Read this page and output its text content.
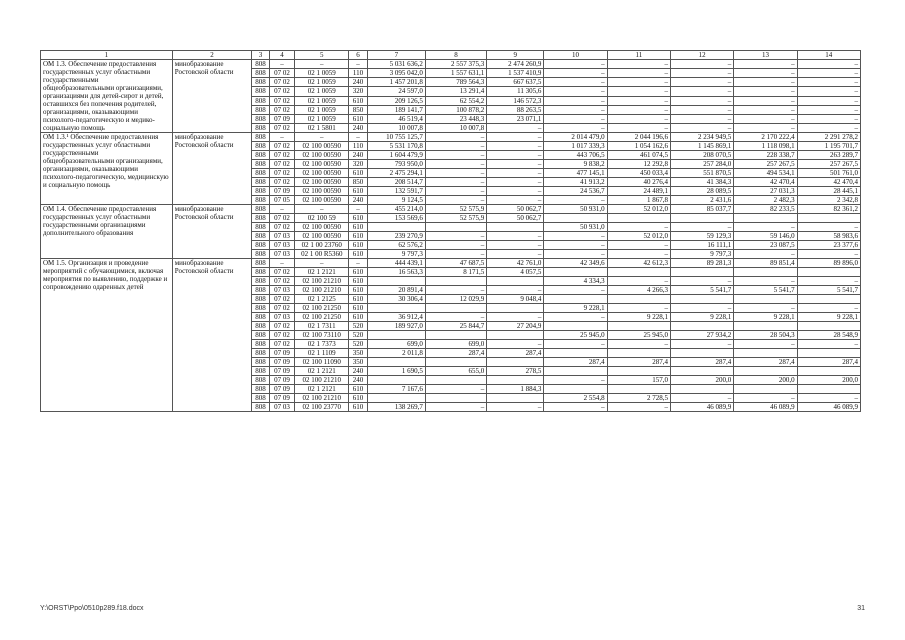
1	2	3	4	5	6	7	8	9	10	11	12	13	14
ОМ 1.3. Обеспечение предоставления государственных услуг областными государственными общеобразовательными организациями, организациями для детей-сирот и детей, оставшихся без попечения родителей, организациями, оказывающими психолого-педагогическую и медико-социальную помощь	минобразование Ростовской области	808	–	–	–	5 031 636,2	2 557 375,3	2 474 260,9	–	–	–	–	–
		808	07 02	02 1 0059	110	3 095 042,0	1 557 631,1	1 537 410,9	–	–	–	–	–
		808	07 02	02 1 0059	240	1 457 201,8	789 564,3	667 637,5	–	–	–	–	–
		808	07 02	02 1 0059	320	24 597,0	13 291,4	11 305,6	–	–	–	–	–
		808	07 02	02 1 0059	610	209 126,5	62 554,2	146 572,3	–	–	–	–	–
		808	07 02	02 1 0059	850	189 141,7	100 878,2	88 263,5	–	–	–	–	–
		808	07 09	02 1 0059	610	46 519,4	23 448,3	23 071,1	–	–	–	–	–
		808	07 02	02 1 5801	240	10 007,8	10 007,8	–	–	–	–	–	–
ОМ 1.3.¹ Обеспечение предоставления государственных услуг областными государственными общеобразовательными организациями, организациями, оказывающими психолого-педагогическую, медицинскую и социальную помощь	минобразование Ростовской области	808	–	–	–	10 755 125,7	–	–	2 014 479,0	2 044 196,6	2 234 949,5	2 170 222,4	2 291 278,2
		808	07 02	02 100 00590	110	5 531 170,8	–	–	1 017 339,3	1 054 162,6	1 145 869,1	1 118 098,1	1 195 701,7
		808	07 02	02 100 00590	240	1 604 479,9	–	–	443 706,5	461 074,5	208 070,5	228 338,7	263 289,7
		808	07 02	02 100 00590	320	793 950,0	–	–	9 838,2	12 292,8	257 284,0	257 267,5	257 267,5
		808	07 02	02 100 00590	610	2 475 294,1	–	–	477 145,1	450 033,4	551 870,5	494 534,1	501 761,0
		808	07 02	02 100 00590	850	208 514,7	–	–	41 913,2	40 276,4	41 384,3	42 470,4	42 470,4
		808	07 09	02 100 00590	610	132 591,7	–	–	24 536,7	24 489,1	28 089,5	27 031,3	28 445,1
		808	07 05	02 100 00590	240	9 124,5	–	–	–	1 867,8	2 431,6	2 482,3	2 342,8
ОМ 1.4. Обеспечение предоставления государственных услуг областными государственными организациями дополнительного образования	минобразование Ростовской области	808	–	–	–	455 214,0	52 575,9	50 062,7	50 931,0	52 012,0	85 037,7	82 233,5	82 361,2
		808	07 02	02 100 59	610	153 569,6	52 575,9	50 062,7					
		808	07 02	02 100 00590	610				50 931,0	–	–	–	–
		808	07 03	02 100 00590	610	239 270,9	–	–	–	52 012,0	59 129,3	59 146,0	58 983,6
		808	07 03	02 1 00 23760	610	62 576,2	–	–	–	–	16 111,1	23 087,5	23 377,6
		808	07 03	02 1 00 R5360	610	9 797,3	–	–	–	–	9 797,3	–	–
ОМ 1.5. Организация и проведение мероприятий с обучающимися, включая мероприятия по выявлению, поддержке и сопровождению одаренных детей	минобразование Ростовской области	808	–	–	–	444 439,1	47 687,5	42 761,0	42 349,6	42 612,3	89 281,3	89 851,4	89 896,0
		808	07 02	02 1 2121	610	16 563,3	8 171,5	4 057,5					
		808	07 02	02 100 21210	610				4 334,3	–	–	–	–
		808	07 03	02 100 21210	610	20 891,4	–	–	–	4 266,3	5 541,7	5 541,7	5 541,7
		808	07 02	02 1 2125	610	30 306,4	12 029,9	9 048,4					
		808	07 02	02 100 21250	610				9 228,1	–	–	–	–
		808	07 03	02 100 21250	610	36 912,4	–	–	–	9 228,1	9 228,1	9 228,1	9 228,1
		808	07 02	02 1 7311	520	189 927,0	25 844,7	27 204,9					
		808	07 02	02 100 73110	520				25 945,0	25 945,0	27 934,2	28 504,3	28 548,9
		808	07 02	02 1 7373	520	699,0	699,0	–	–	–	–	–	–
		808	07 09	02 1 1109	350	2 011,8	287,4	287,4					
		808	07 09	02 100 11090	350				287,4	287,4	287,4	287,4	287,4
		808	07 09	02 1 2121	240	1 690,5	655,0	278,5					
		808	07 09	02 100 21210	240				–	157,0	200,0	200,0	200,0
		808	07 09	02 1 2121	610	7 167,6	–	1 884,3					
		808	07 09	02 100 21210	610				2 554,8	2 728,5	–	–	–
		808	07 03	02 100 23770	610	138 269,7	–	–	–	–	46 089,9	46 089,9	46 089,9
Y:\ORST\Ppo\0510p289.f18.docx	31
